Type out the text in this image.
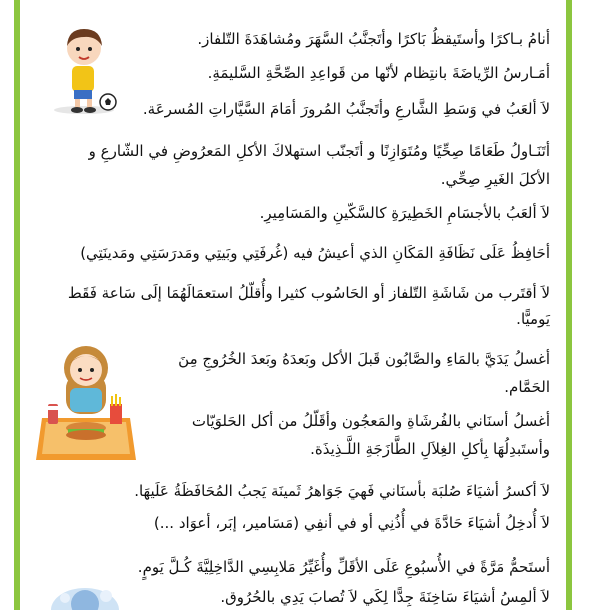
أنامُ بـاكرًا وأستَيقظُ بَاكرًا وأتَجنَّبُ السَّهَرَ ومُشاهَدَةَ التّلفاز.
أمَـارسُ الرِّياضَةَ بانتِظام لأنّها من قَواعِدِ الصِّحَّةِ السَّليمَةِ.
لاَ ألعَبُ في وَسَطِ الشَّارعِ وأتَجنَّبُ المُرورَ أمَامَ السَّيَّاراتِ المُسرعَة.
أتَنَـاولُ طَعَامًا صِحِّيًا ومُتَوَازِنًا و أتَجنّب استهلاكَ الأكلِ المَعرُوضِ في الشّارعِ و
الأكلَ الغَيرِ صِحِّي.
لاَ ألعَبُ بالأجسَامِ الخَطِيرَةِ كالسَّكّينِ والمَسَامِيرِ.
أحَافِظُ عَلَى نَظَافَةِ المَكَانِ الذي أعيشُ فيه (غُرفَتِي وبَيتِي ومَدرَسَتِي ومَدينَتِي)
لاَ أقتَرب من شَاشَةِ التّلفاز أو الحَاسُوب كثيرا وأُقلّلُ استعمَالَهُمَا إلَى سَاعة فَقَط
يَوميًّا.
أغسلُ يَدَيَّ بالمَاءِ والصَّابُون قَبلَ الأكل وبَعدَهُ وبَعدَ الخُرُوجِ مِنَ
الحَمَّام.
أغسلُ أسنَاني بالفُرشَاةِ والمَعجُون وأقَلّلُ من أكل الحَلوَيّات
وأستَبدِلُهَا بِأكلِ الغِلاَلِ الطَّازَجَةِ اللَّـذِيذَة.
لاَ أكسرُ أشيَاءَ صُلبَة بأسنَاني فَهيَ جَوَاهرُ ثَمينَة يَجبُ المُحَافَظَةُ عَلَيهَا.
لاَ أُدخِلُ أشيَاءَ حَادَّةَ في أُذُنِي أو في أنفِي (مَسَامير، إبَر، أعوَاد ...)
أستَحمُّ مَرَّةً في الأُسبُوعِ عَلَى الأقَلِّ وأُغَيِّرُ مَلابِسِي الدَّاخِلِيَّةَ كُـلَّ يَومٍ.
لاَ ألمِسُ أشيَاءَ سَاخِنَةَ جِدًّا لِكَي لاَ تُصابَ يَدِي بالحُرُوق.
